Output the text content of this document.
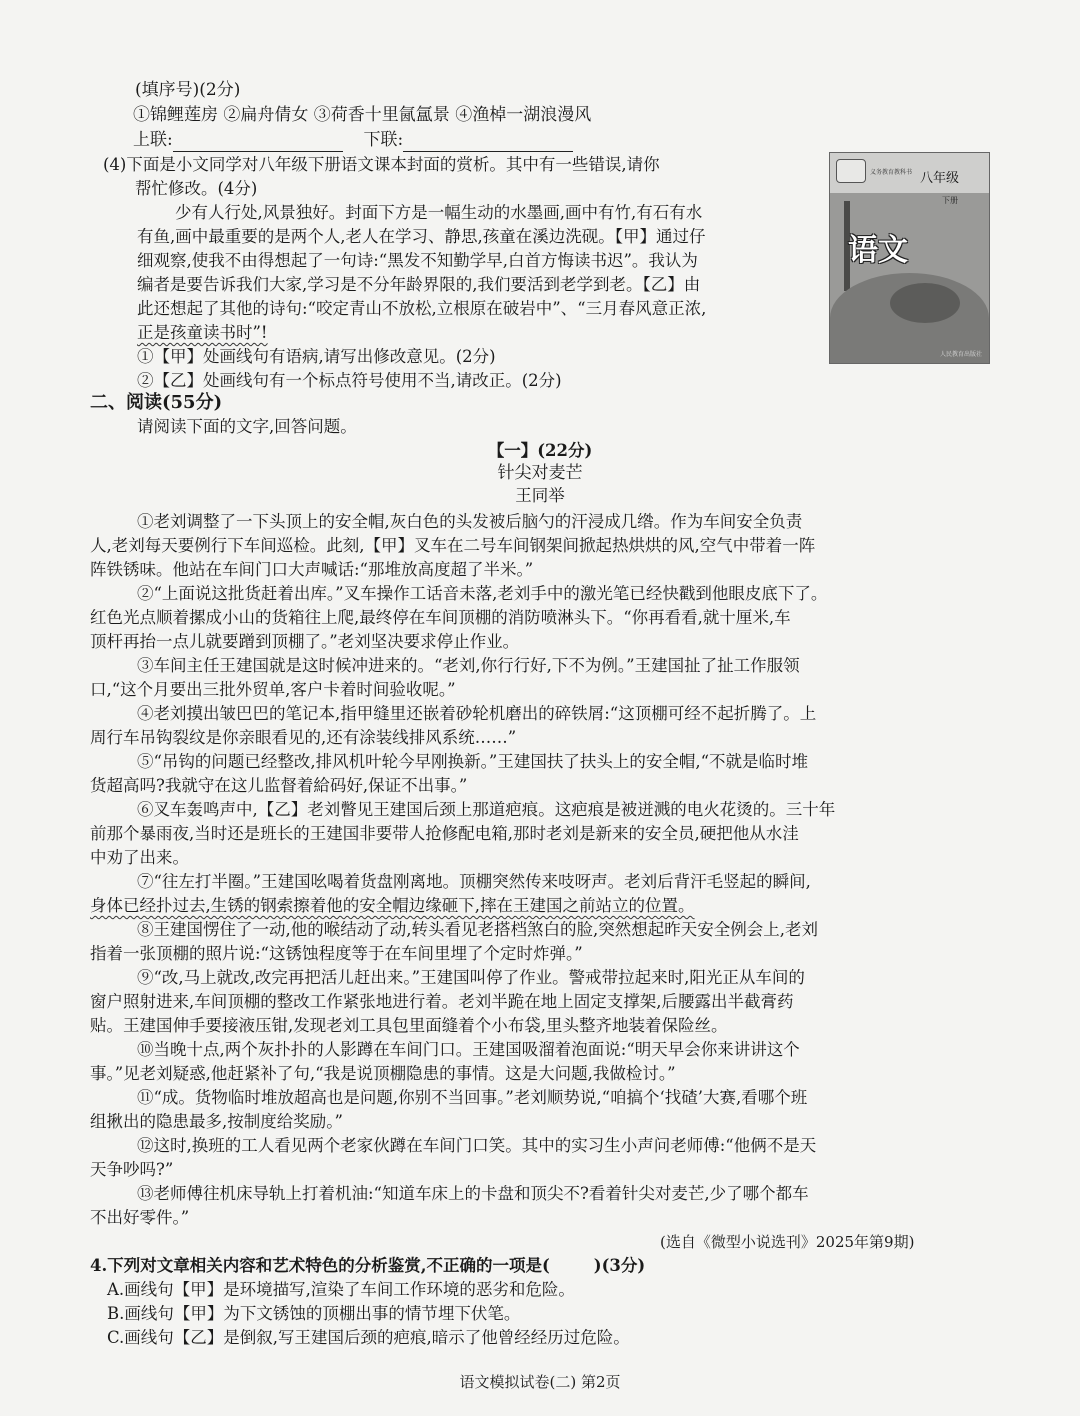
(填序号)(2分)
①锦鲤莲房 ②扁舟倩女 ③荷香十里氤氲景 ④渔棹一湖浪漫风
上联:	下联:
(4)下面是小文同学对八年级下册语文课本封面的赏析。其中有一些错误,请你
帮忙修改。(4分)
少有人行处,风景独好。封面下方是一幅生动的水墨画,画中有竹,有石有水
有鱼,画中最重要的是两个人,老人在学习、静思,孩童在溪边洗砚。【甲】通过仔
细观察,使我不由得想起了一句诗:“黑发不知勤学早,白首方悔读书迟”。我认为
编者是要告诉我们大家,学习是不分年龄界限的,我们要活到老学到老。【乙】由
此还想起了其他的诗句:“咬定青山不放松,立根原在破岩中”、“三月春风意正浓,
正是孩童读书时”!
①【甲】处画线句有语病,请写出修改意见。(2分)
②【乙】处画线句有一个标点符号使用不当,请改正。(2分)
义务教育教科书 八年级
下册
语文
人民教育出版社
二、阅读(55分)
请阅读下面的文字,回答问题。
【一】(22分)
针尖对麦芒
王同举
①老刘调整了一下头顶上的安全帽,灰白色的头发被后脑勺的汗浸成几绺。作为车间安全负责
人,老刘每天要例行下车间巡检。此刻,【甲】叉车在二号车间钢架间掀起热烘烘的风,空气中带着一阵
阵铁锈味。他站在车间门口大声喊话:“那堆放高度超了半米。”
②“上面说这批货赶着出库。”叉车操作工话音未落,老刘手中的激光笔已经快戳到他眼皮底下了。
红色光点顺着摞成小山的货箱往上爬,最终停在车间顶棚的消防喷淋头下。“你再看看,就十厘米,车
顶杆再抬一点儿就要蹭到顶棚了。”老刘坚决要求停止作业。
③车间主任王建国就是这时候冲进来的。“老刘,你行行好,下不为例。”王建国扯了扯工作服领
口,“这个月要出三批外贸单,客户卡着时间验收呢。”
④老刘摸出皱巴巴的笔记本,指甲缝里还嵌着砂轮机磨出的碎铁屑:“这顶棚可经不起折腾了。上
周行车吊钩裂纹是你亲眼看见的,还有涂装线排风系统……”
⑤“吊钩的问题已经整改,排风机叶轮今早刚换新。”王建国扶了扶头上的安全帽,“不就是临时堆
货超高吗?我就守在这儿监督着給码好,保证不出事。”
⑥叉车轰鸣声中,【乙】老刘瞥见王建国后颈上那道疤痕。这疤痕是被迸溅的电火花烫的。三十年
前那个暴雨夜,当时还是班长的王建国非要带人抢修配电箱,那时老刘是新来的安全员,硬把他从水洼
中劝了出来。
⑦“往左打半圈。”王建国吆喝着货盘刚离地。顶棚突然传来吱呀声。老刘后背汗毛竖起的瞬间,
身体已经扑过去,生锈的钢索擦着他的安全帽边缘砸下,摔在王建国之前站立的位置。
⑧王建国愣住了一动,他的喉结动了动,转头看见老搭档煞白的脸,突然想起昨天安全例会上,老刘
指着一张顶棚的照片说:“这锈蚀程度等于在车间里埋了个定时炸弹。”
⑨“改,马上就改,改完再把活儿赶出来。”王建国叫停了作业。警戒带拉起来时,阳光正从车间的
窗户照射进来,车间顶棚的整改工作紧张地进行着。老刘半跪在地上固定支撑架,后腰露出半截膏药
贴。王建国伸手要接液压钳,发现老刘工具包里面缝着个小布袋,里头整齐地装着保险丝。
⑩当晚十点,两个灰扑扑的人影蹲在车间门口。王建国吸溜着泡面说:“明天早会你来讲讲这个
事。”见老刘疑惑,他赶紧补了句,“我是说顶棚隐患的事情。这是大问题,我做检讨。”
⑪“成。货物临时堆放超高也是问题,你别不当回事。”老刘顺势说,“咱搞个‘找碴’大赛,看哪个班
组揪出的隐患最多,按制度给奖励。”
⑫这时,换班的工人看见两个老家伙蹲在车间门口笑。其中的实习生小声问老师傅:“他俩不是天
天争吵吗?”
⑬老师傅往机床导轨上打着机油:“知道车床上的卡盘和顶尖不?看着针尖对麦芒,少了哪个都车
不出好零件。”
(选自《微型小说选刊》2025年第9期)
4.下列对文章相关内容和艺术特色的分析鉴赏,不正确的一项是(	)(3分)
A.画线句【甲】是环境描写,渲染了车间工作环境的恶劣和危险。
B.画线句【甲】为下文锈蚀的顶棚出事的情节埋下伏笔。
C.画线句【乙】是倒叙,写王建国后颈的疤痕,暗示了他曾经经历过危险。
语文模拟试卷(二) 第2页
